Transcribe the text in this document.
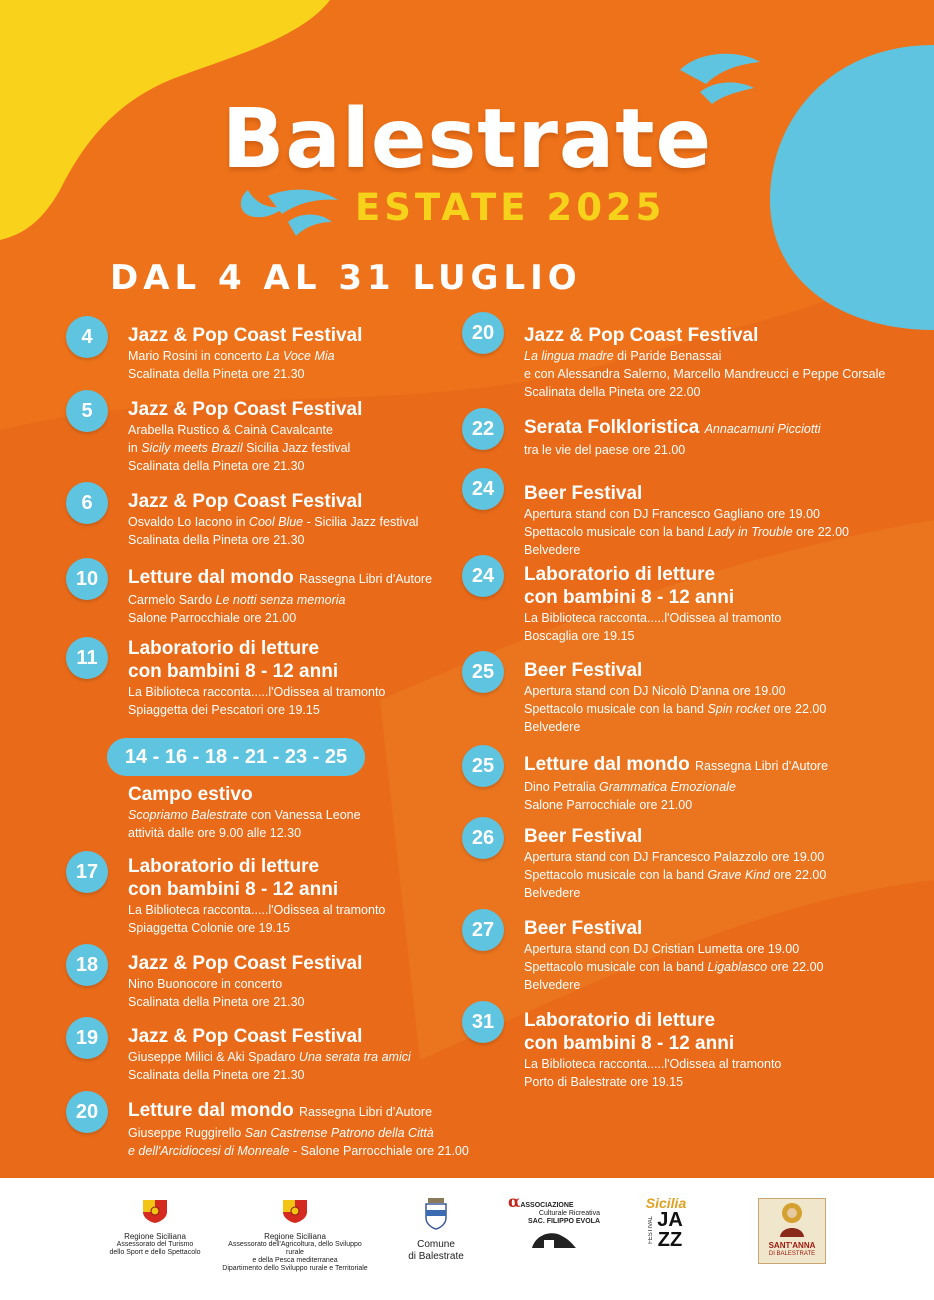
Balestrate
ESTATE 2025
DAL 4 AL 31 LUGLIO
4	Jazz & Pop Coast Festival
Mario Rosini in concerto La Voce Mia
Scalinata della Pineta ore 21.30
5	Jazz & Pop Coast Festival
Arabella Rustico & Cainà Cavalcante
in Sicily meets Brazil Sicilia Jazz festival
Scalinata della Pineta ore 21.30
6	Jazz & Pop Coast Festival
Osvaldo Lo Iacono in Cool Blue - Sicilia Jazz festival
Scalinata della Pineta ore 21.30
10	Letture dal mondo Rassegna Libri d'Autore
Carmelo Sardo Le notti senza memoria
Salone Parrocchiale ore 21.00
11	Laboratorio di letture
con bambini 8 - 12 anni
La Biblioteca racconta.....l'Odissea al tramonto
Spiaggetta dei Pescatori ore 19.15
14 - 16 - 18 - 21 - 23 - 25
Campo estivo
Scopriamo Balestrate con Vanessa Leone
attività dalle ore 9.00 alle 12.30
17	Laboratorio di letture
con bambini 8 - 12 anni
La Biblioteca racconta.....l'Odissea al tramonto
Spiaggetta Colonie ore 19.15
18	Jazz & Pop Coast Festival
Nino Buonocore in concerto
Scalinata della Pineta ore 21.30
19	Jazz & Pop Coast Festival
Giuseppe Milici & Aki Spadaro Una serata tra amici
Scalinata della Pineta ore 21.30
20	Letture dal mondo Rassegna Libri d'Autore
Giuseppe Ruggirello San Castrense Patrono della Città
e dell'Arcidiocesi di Monreale - Salone Parrocchiale ore 21.00
20	Jazz & Pop Coast Festival
La lingua madre di Paride Benassai
e con Alessandra Salerno, Marcello Mandreucci e Peppe Corsale
Scalinata della Pineta ore 22.00
22	Serata Folkloristica Annacamuni Picciotti
tra le vie del paese ore 21.00
24	Beer Festival
Apertura stand con DJ Francesco Gagliano ore 19.00
Spettacolo musicale con la band Lady in Trouble ore 22.00
Belvedere
24	Laboratorio di letture
con bambini 8 - 12 anni
La Biblioteca racconta.....l'Odissea al tramonto
Boscaglia ore 19.15
25	Beer Festival
Apertura stand con DJ Nicolò D'anna ore 19.00
Spettacolo musicale con la band Spin rocket ore 22.00
Belvedere
25	Letture dal mondo Rassegna Libri d'Autore
Dino Petralia Grammatica Emozionale
Salone Parrocchiale ore 21.00
26	Beer Festival
Apertura stand con DJ Francesco Palazzolo ore 19.00
Spettacolo musicale con la band Grave Kind ore 22.00
Belvedere
27	Beer Festival
Apertura stand con DJ Cristian Lumetta ore 19.00
Spettacolo musicale con la band Ligablasco ore 22.00
Belvedere
31	Laboratorio di letture
con bambini 8 - 12 anni
La Biblioteca racconta.....l'Odissea al tramonto
Porto di Balestrate ore 19.15
Regione Siciliana
Assessorato del Turismo
dello Sport e dello Spettacolo
Regione Siciliana
Assessorato dell'Agricoltura, dello Sviluppo rurale
e della Pesca mediterranea
Dipartimento dello Sviluppo rurale e Territoriale
Comune
di Balestrate
αASSOCIAZIONE
Culturale Ricreativa
SAC. FILIPPO EVOLA
Sicilia
FESTIVAL JAZZ	SANT'ANNA
DI BALESTRATE
